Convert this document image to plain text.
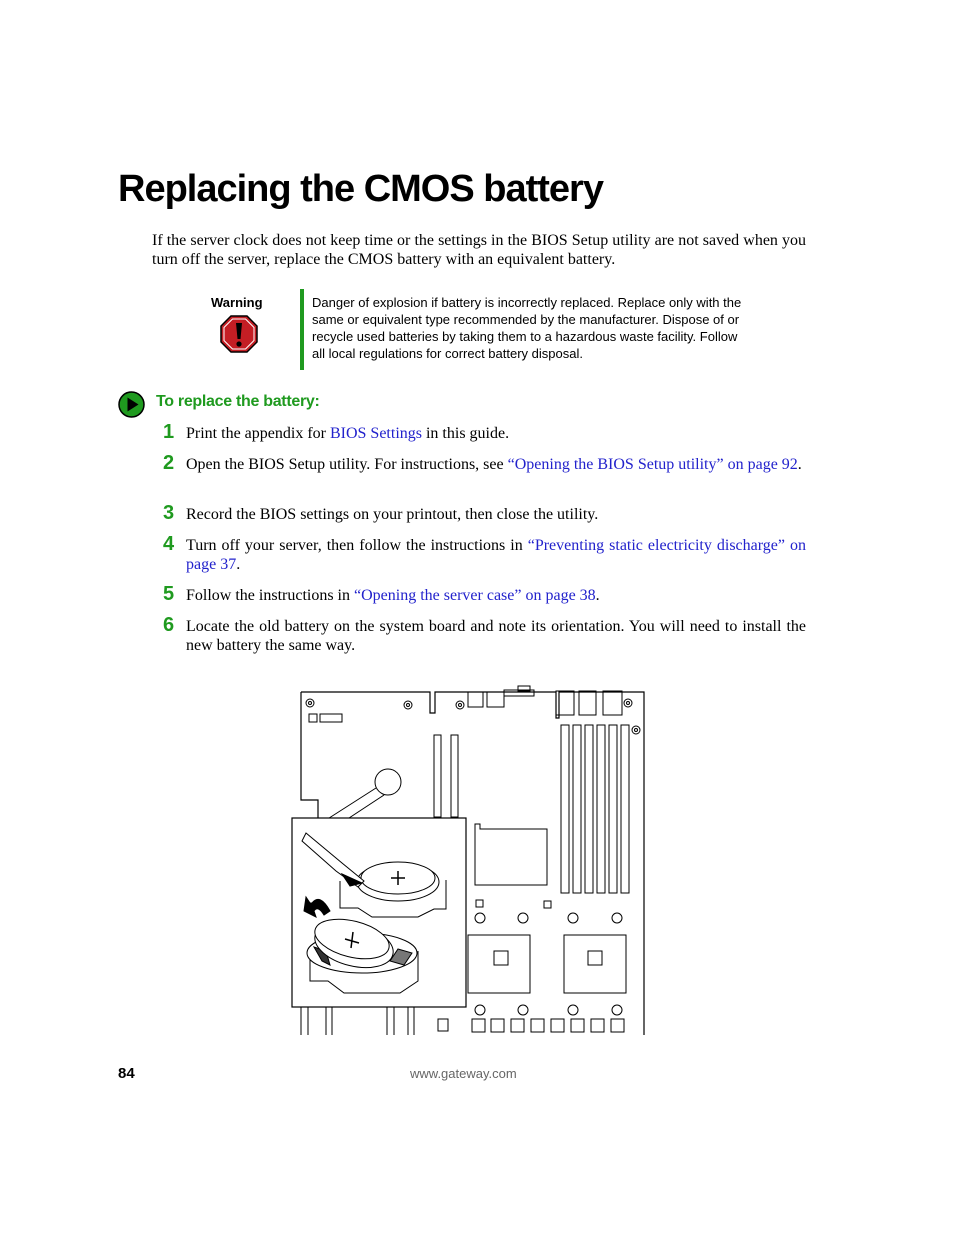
Replacing the CMOS battery

If the server clock does not keep time or the settings in the BIOS Setup utility are not saved when you turn off the server, replace the CMOS battery with an equivalent battery.

Warning	Danger of explosion if battery is incorrectly replaced. Replace only with the same or equivalent type recommended by the manufacturer. Dispose of or recycle used batteries by taking them to a hazardous waste facility. Follow all local regulations for correct battery disposal.

To replace the battery:
1 Print the appendix for BIOS Settings in this guide.

2 Open the BIOS Setup utility. For instructions, see “Opening the BIOS Setup utility” on page 92.

3 Record the BIOS settings on your printout, then close the utility.

4 Turn off your server, then follow the instructions in “Preventing static electricity discharge” on page 37.

5 Follow the instructions in “Opening the server case” on page 38.

6 Locate the old battery on the system board and note its orientation. You will need to install the new battery the same way.

84	www.gateway.com
